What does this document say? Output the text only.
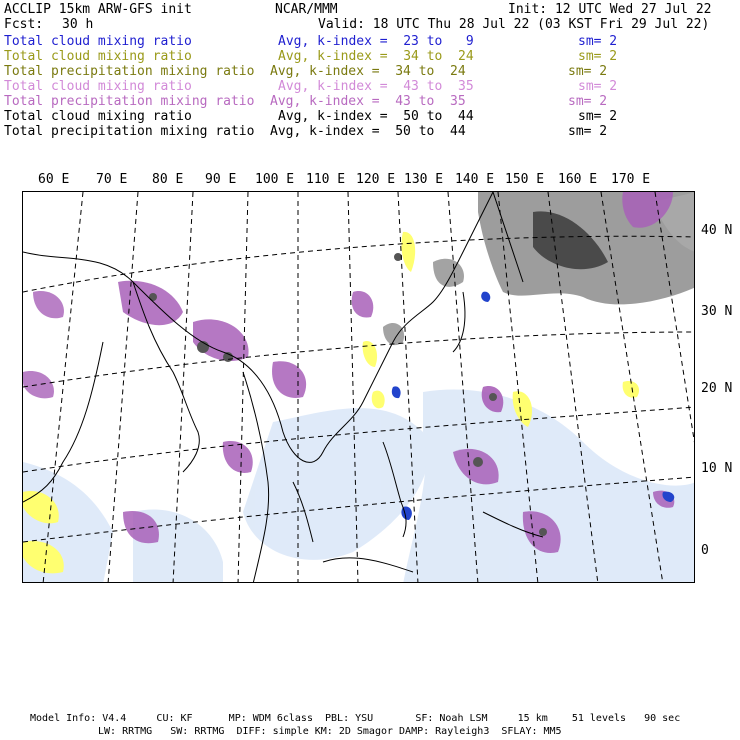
ACCLIP 15km ARW-GFS init	NCAR/MMM	Init: 12 UTC Wed 27 Jul 22
Fcst: 30 h	Valid: 18 UTC Thu 28 Jul 22 (03 KST Fri 29 Jul 22)
Total cloud mixing ratio	Avg, k-index =  23 to   9	sm= 2
Total cloud mixing ratio	Avg, k-index =  34 to  24	sm= 2
Total precipitation mixing ratio Avg, k-index =  34 to  24	sm= 2
Total cloud mixing ratio	Avg, k-index =  43 to  35	sm= 2
Total precipitation mixing ratio Avg, k-index =  43 to  35	sm= 2
Total cloud mixing ratio	Avg, k-index =  50 to  44	sm= 2
Total precipitation mixing ratio Avg, k-index =  50 to  44	sm= 2
60 E 70 E 80 E 90 E 100 E 110 E 120 E 130 E 140 E 150 E 160 E 170 E
40 N
30 N
20 N
10 N
0
Model Info: V4.4     CU: KF      MP: WDM 6class  PBL: YSU       SF: Noah LSM     15 km    51 levels   90 sec
LW: RRTMG   SW: RRTMG  DIFF: simple KM: 2D Smagor DAMP: Rayleigh3  SFLAY: MM5
